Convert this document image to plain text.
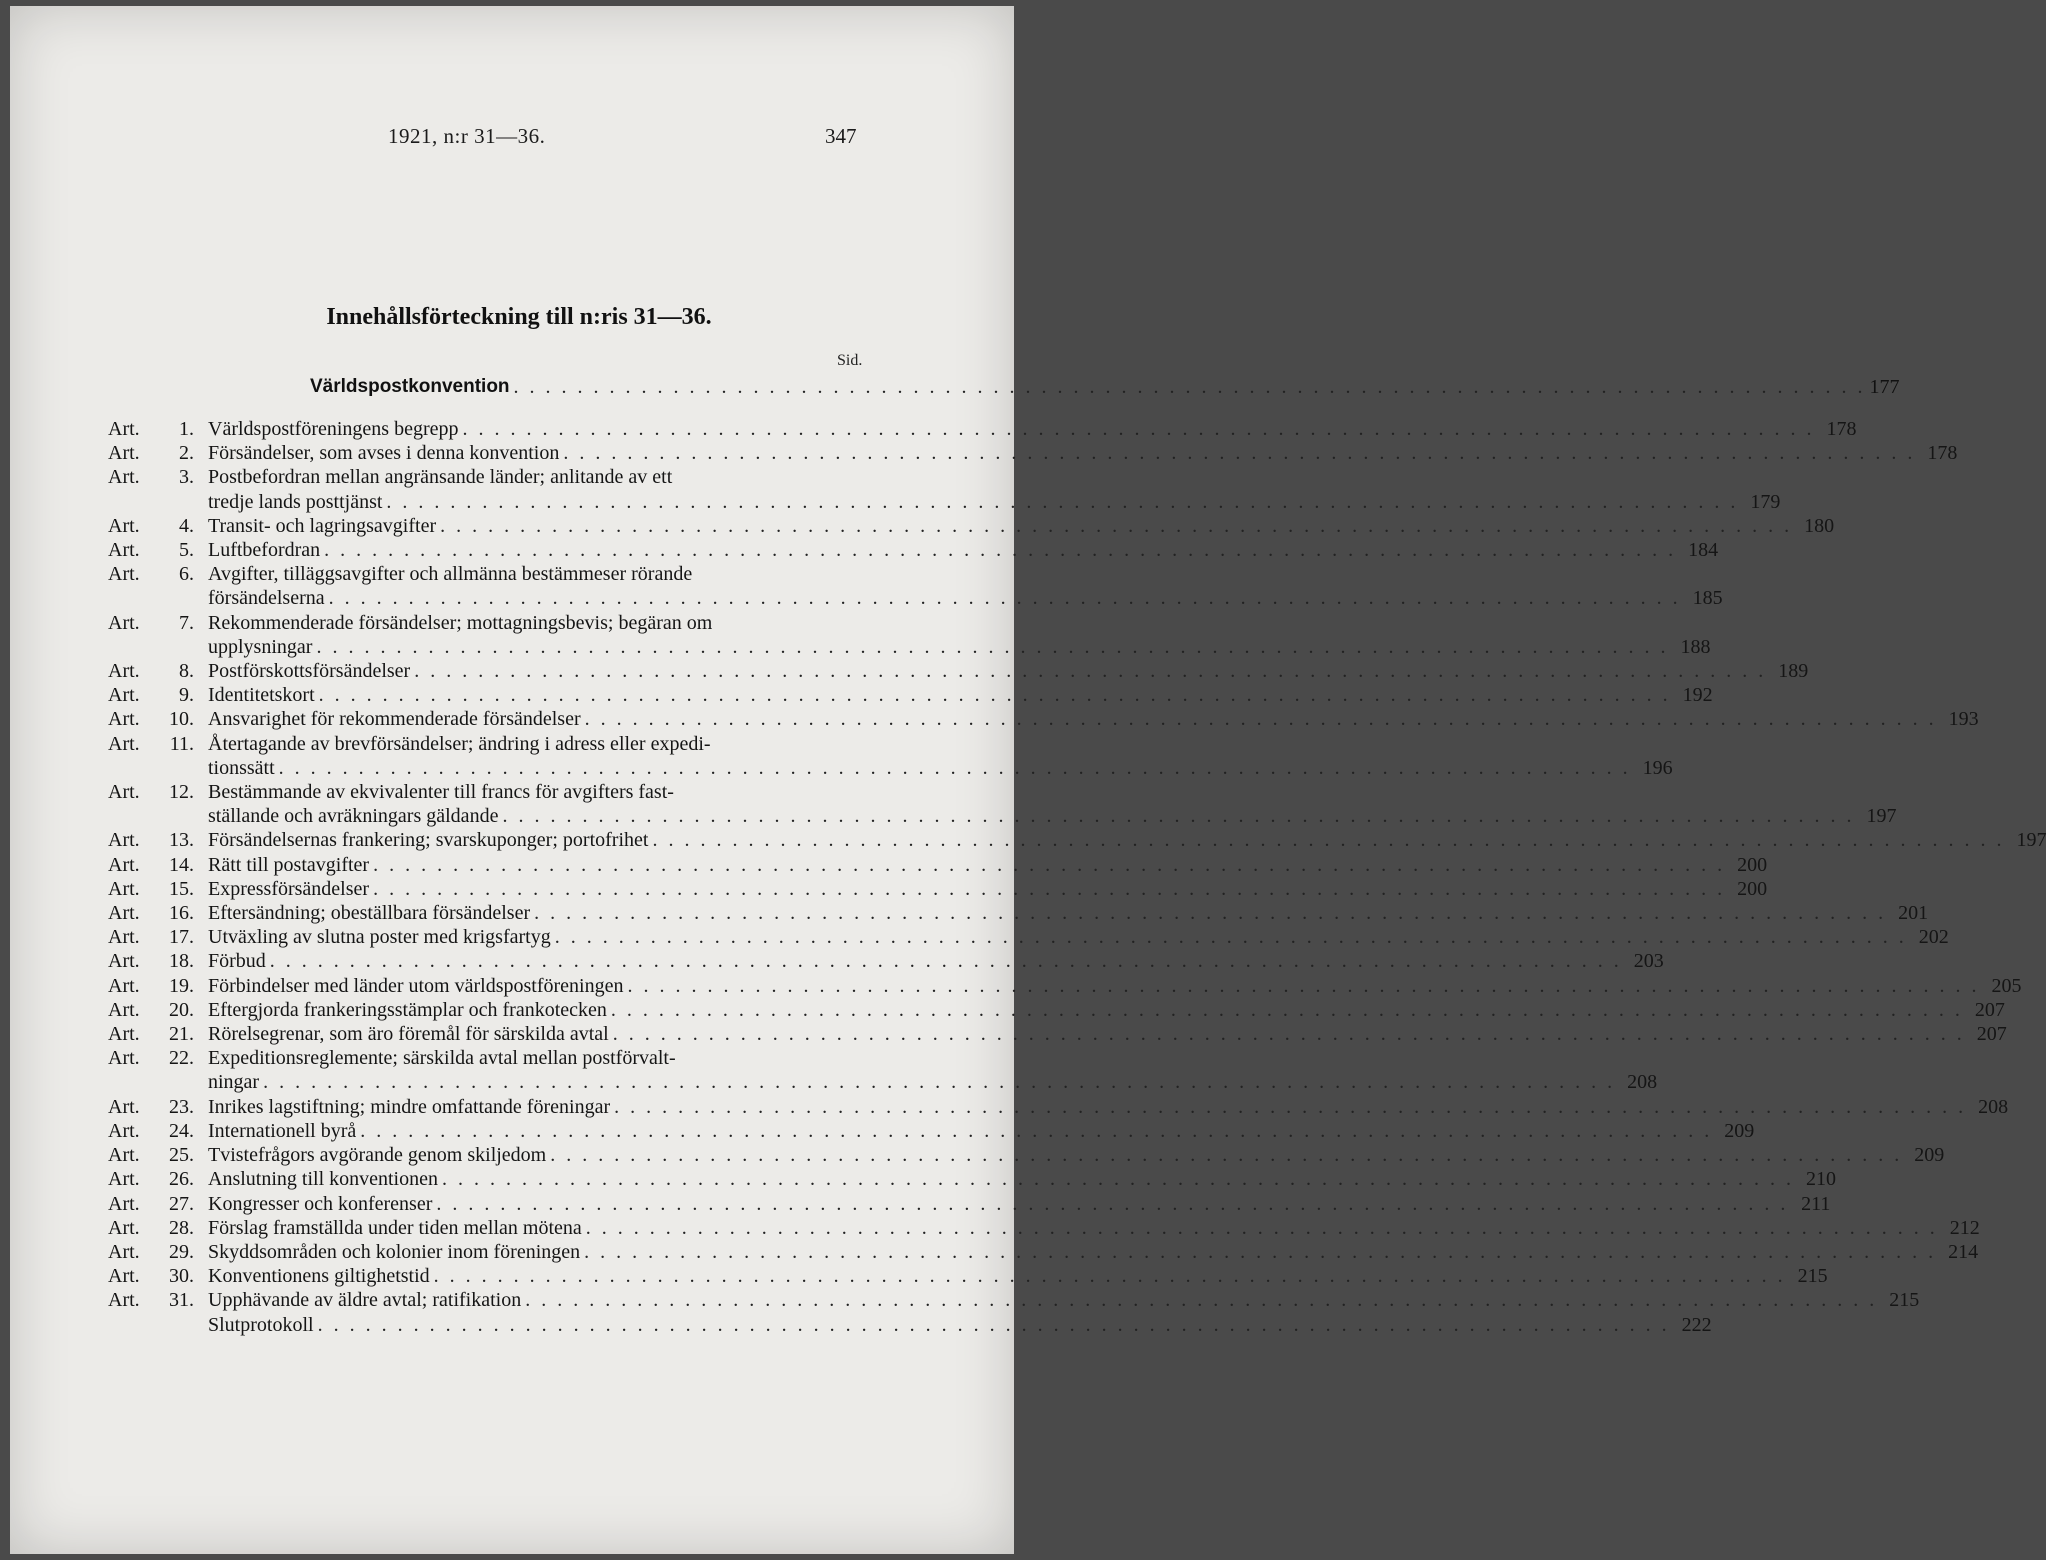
1921, n:r 31—36.	347
Innehållsförteckning till n:ris 31—36.
Sid.
Världspostkonvention . . .	177
Art.	1. Världspostföreningens begrepp . . .	178
Art.	2. Försändelser, som avses i denna konvention . . .	178
Art.	3. Postbefordran mellan angränsande länder; anlitande av ett
tredje lands posttjänst . . .	179
Art.	4. Transit- och lagringsavgifter . . .	180
Art.	5. Luftbefordran . . .	184
Art.	6. Avgifter, tilläggsavgifter och allmänna bestämmeser rörande
försändelserna . . .	185
Art.	7. Rekommenderade försändelser; mottagningsbevis; begäran om
upplysningar . . .	188
Art.	8. Postförskottsförsändelser . . .	189
Art.	9. Identitetskort . . .	192
Art.	10. Ansvarighet för rekommenderade försändelser . . .	193
Art.	11. Återtagande av brevförsändelser; ändring i adress eller expedi-
tionssätt . . .	196
Art.	12. Bestämmande av ekvivalenter till francs för avgifters fast-
ställande och avräkningars gäldande . . .	197
Art.	13. Försändelsernas frankering; svarskuponger; portofrihet . . .	197
Art.	14. Rätt till postavgifter . . .	200
Art.	15. Expressförsändelser . . .	200
Art.	16. Eftersändning; obeställbara försändelser . . .	201
Art.	17. Utväxling av slutna poster med krigsfartyg . . .	202
Art.	18. Förbud . . .	203
Art.	19. Förbindelser med länder utom världspostföreningen . . .	205
Art.	20. Eftergjorda frankeringsstämplar och frankotecken . . .	207
Art.	21. Rörelsegrenar, som äro föremål för särskilda avtal . . .	207
Art.	22. Expeditionsreglemente; särskilda avtal mellan postförvalt-
ningar . . .	208
Art.	23. Inrikes lagstiftning; mindre omfattande föreningar . . .	208
Art.	24. Internationell byrå . . .	209
Art.	25. Tvistefrågors avgörande genom skiljedom . . .	209
Art.	26. Anslutning till konventionen . . .	210
Art.	27. Kongresser och konferenser . . .	211
Art.	28. Förslag framställda under tiden mellan mötena . . .	212
Art.	29. Skyddsområden och kolonier inom föreningen . . .	214
Art.	30. Konventionens giltighetstid . . .	215
Art.	31. Upphävande av äldre avtal; ratifikation . . .	215
Slutprotokoll . . .	222
